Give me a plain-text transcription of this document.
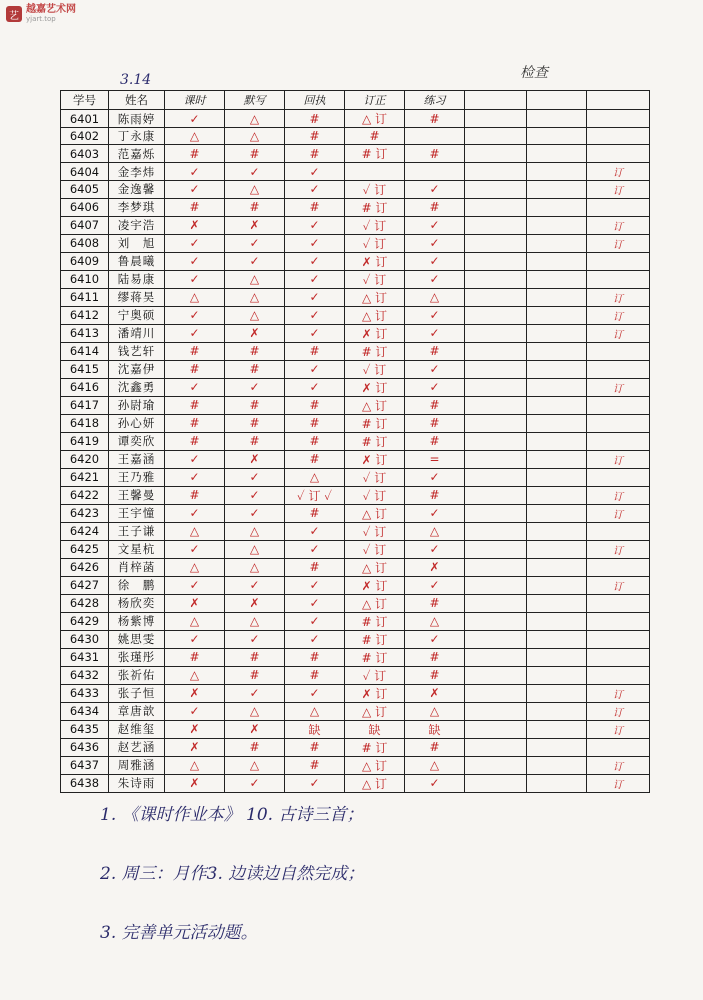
艺
越嘉艺术网
yjart.top
3.14	检查
学号	姓名	课时	默写	回执	订正	练习			
6401	陈雨婷	✓	△	#	△ 订	#			
6402	丁永康	△	△	#	#				
6403	范嘉烁	#	#	#	# 订	#			
6404	金李炜	✓	✓	✓					订
6405	金逸馨	✓	△	✓	✓ 订	✓			订
6406	李梦琪	#	#	#	# 订	#			
6407	凌宇浩	✗	✗	✓	✓ 订	✓			订
6408	刘　旭	✓	✓	✓	✓ 订	✓			订
6409	鲁晨曦	✓	✓	✓	✗ 订	✓			
6410	陆易康	✓	△	✓	✓ 订	✓			
6411	缪蒋昊	△	△	✓	△ 订	△			订
6412	宁奥硕	✓	△	✓	△ 订	✓			订
6413	潘靖川	✓	✗	✓	✗ 订	✓			订
6414	钱艺轩	#	#	#	# 订	#			
6415	沈嘉伊	#	#	✓	✓ 订	✓			
6416	沈鑫勇	✓	✓	✓	✗ 订	✓			订
6417	孙尉瑜	#	#	#	△ 订	#			
6418	孙心妍	#	#	#	# 订	#			
6419	谭奕欣	#	#	#	# 订	#			
6420	王嘉涵	✓	✗	#	✗ 订	=			订
6421	王乃雅	✓	✓	△	✓ 订	✓			
6422	王馨曼	#	✓	✓ 订 ✓	✓ 订	#			订
6423	王宇憧	✓	✓	#	△ 订	✓			订
6424	王子谦	△	△	✓	✓ 订	△			
6425	文星杭	✓	△	✓	✓ 订	✓			订
6426	肖梓菡	△	△	#	△ 订	✗			
6427	徐　鹏	✓	✓	✓	✗ 订	✓			订
6428	杨欣奕	✗	✗	✓	△ 订	#			
6429	杨紫博	△	△	✓	# 订	△			
6430	姚思雯	✓	✓	✓	# 订	✓			
6431	张瑾彤	#	#	#	# 订	#			
6432	张祈佑	△	#	#	✓ 订	#			
6433	张子恒	✗	✓	✓	✗ 订	✗			订
6434	章唐歆	✓	△	△	△ 订	△			订
6435	赵维玺	✗	✗	缺	缺	缺			订
6436	赵艺涵	✗	#	#	# 订	#			
6437	周雅涵	△	△	#	△ 订	△			订
6438	朱诗雨	✗	✓	✓	△ 订	✓			订
1. 《课时作业本》 10. 古诗三首；
2. 周三：月作3. 边读边自然完成；
3. 完善单元活动题。
